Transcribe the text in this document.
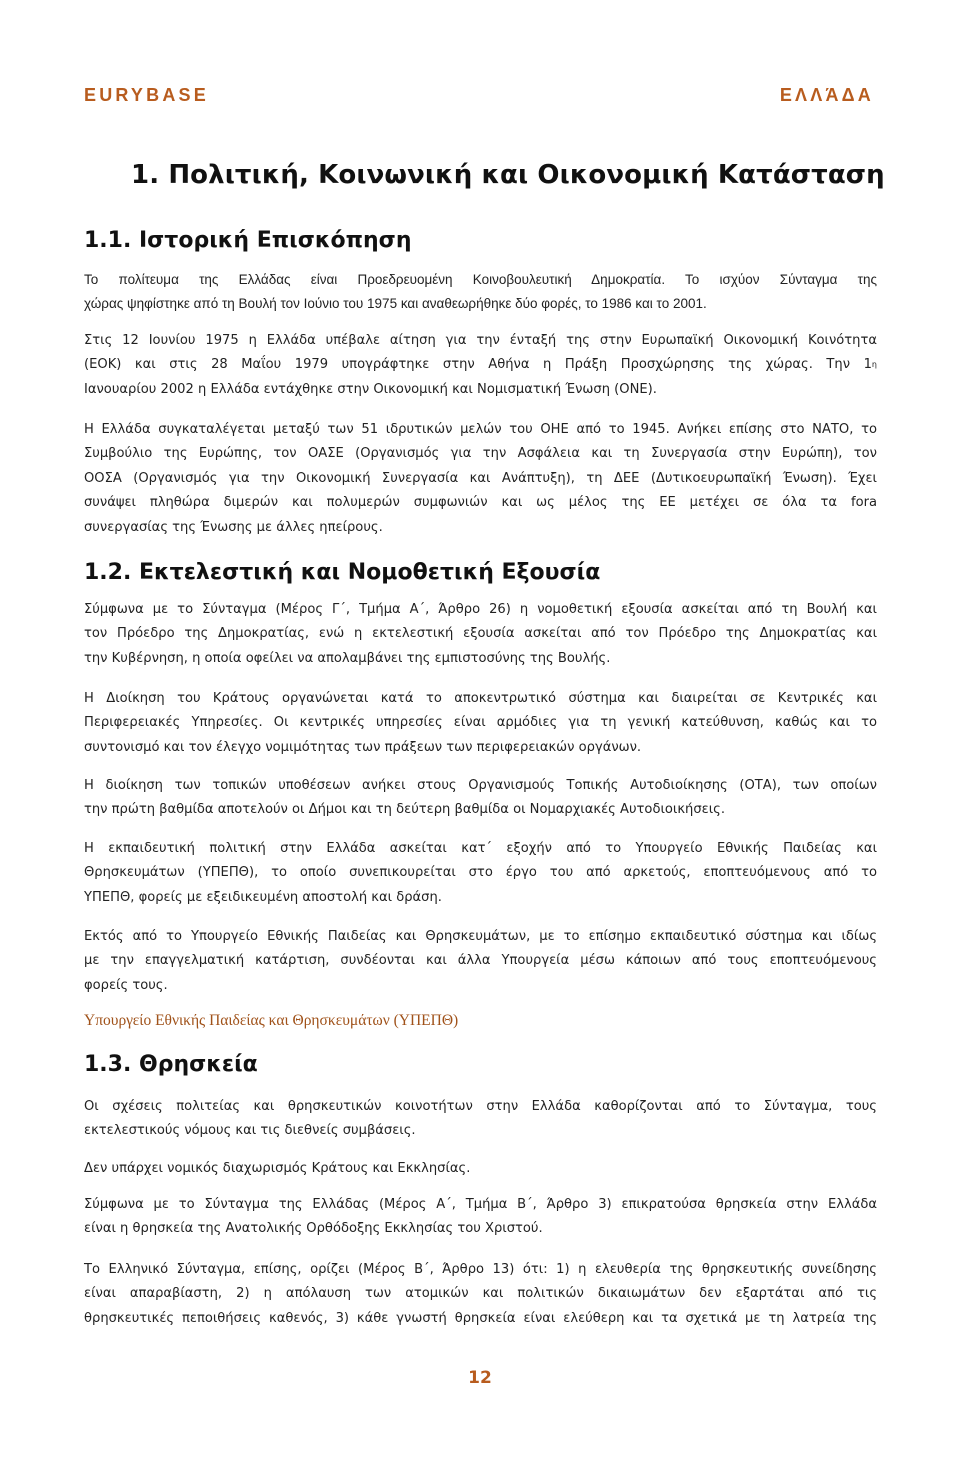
EURYBASE	ΕΛΛΆΔΑ
1. Πολιτική, Κοινωνική και Οικονομική Κατάσταση
1.1. Ιστορική Επισκόπηση

Το πολίτευμα της Ελλάδας είναι Προεδρευομένη Κοινοβουλευτική Δημοκρατία. Το ισχύον Σύνταγμα της
χώρας ψηφίστηκε από τη Βουλή τον Ιούνιο του 1975 και αναθεωρήθηκε δύο φορές, το 1986 και το 2001.

Στις 12 Ιουνίου 1975 η Ελλάδα υπέβαλε αίτηση για την ένταξή της στην Ευρωπαϊκή Οικονομική Κοινότητα
(ΕΟΚ) και στις 28 Μαΐου 1979 υπογράφτηκε στην Αθήνα η Πράξη Προσχώρησης της χώρας. Την $1^\eta$
Ιανουαρίου 2002 η Ελλάδα εντάχθηκε στην Οικονομική και Νομισματική Ένωση (ΟΝΕ).

Η Ελλάδα συγκαταλέγεται μεταξύ των 51 ιδρυτικών μελών του ΟΗΕ από το 1945. Ανήκει επίσης στο ΝΑΤΟ, το
Συμβούλιο της Ευρώπης, τον ΟΑΣΕ (Οργανισμός για την Ασφάλεια και τη Συνεργασία στην Ευρώπη), τον
ΟΟΣΑ (Οργανισμός για την Οικονομική Συνεργασία και Ανάπτυξη), τη ΔΕΕ (Δυτικοευρωπαϊκή Ένωση). Έχει
συνάψει πληθώρα διμερών και πολυμερών συμφωνιών και ως μέλος της ΕΕ μετέχει σε όλα τα fora
συνεργασίας της Ένωσης με άλλες ηπείρους.

1.2. Εκτελεστική και Νομοθετική Εξουσία

Σύμφωνα με το Σύνταγμα (Μέρος Γ΄, Τμήμα Α΄, Άρθρο 26) η νομοθετική εξουσία ασκείται από τη Βουλή και
τον Πρόεδρο της Δημοκρατίας, ενώ η εκτελεστική εξουσία ασκείται από τον Πρόεδρο της Δημοκρατίας και
την Κυβέρνηση, η οποία οφείλει να απολαμβάνει της εμπιστοσύνης της Βουλής.

Η Διοίκηση του Κράτους οργανώνεται κατά το αποκεντρωτικό σύστημα και διαιρείται σε Κεντρικές και
Περιφερειακές Υπηρεσίες. Οι κεντρικές υπηρεσίες είναι αρμόδιες για τη γενική κατεύθυνση, καθώς και το
συντονισμό και τον έλεγχο νομιμότητας των πράξεων των περιφερειακών οργάνων.

Η διοίκηση των τοπικών υποθέσεων ανήκει στους Οργανισμούς Τοπικής Αυτοδιοίκησης (ΟΤΑ), των οποίων
την πρώτη βαθμίδα αποτελούν οι Δήμοι και τη δεύτερη βαθμίδα οι Νομαρχιακές Αυτοδιοικήσεις.

Η εκπαιδευτική πολιτική στην Ελλάδα ασκείται κατ΄ εξοχήν από το Υπουργείο Εθνικής Παιδείας και
Θρησκευμάτων (ΥΠΕΠΘ), το οποίο συνεπικουρείται στο έργο του από αρκετούς, εποπτευόμενους από το
ΥΠΕΠΘ, φορείς με εξειδικευμένη αποστολή και δράση.

Εκτός από το Υπουργείο Εθνικής Παιδείας και Θρησκευμάτων, με το επίσημο εκπαιδευτικό σύστημα και ιδίως
με την επαγγελματική κατάρτιση, συνδέονται και άλλα Υπουργεία μέσω κάποιων από τους εποπτευόμενους
φορείς τους.

Υπουργείο Εθνικής Παιδείας και Θρησκευμάτων (ΥΠΕΠΘ)

1.3. Θρησκεία

Οι σχέσεις πολιτείας και θρησκευτικών κοινοτήτων στην Ελλάδα καθορίζονται από το Σύνταγμα, τους
εκτελεστικούς νόμους και τις διεθνείς συμβάσεις.

Δεν υπάρχει νομικός διαχωρισμός Κράτους και Εκκλησίας.

Σύμφωνα με το Σύνταγμα της Ελλάδας (Μέρος Α΄, Τμήμα Β΄, Άρθρο 3) επικρατούσα θρησκεία στην Ελλάδα
είναι η θρησκεία της Ανατολικής Ορθόδοξης Εκκλησίας του Χριστού.

Το Ελληνικό Σύνταγμα, επίσης, ορίζει (Μέρος Β΄, Άρθρο 13) ότι: 1) η ελευθερία της θρησκευτικής συνείδησης
είναι απαραβίαστη, 2) η απόλαυση των ατομικών και πολιτικών δικαιωμάτων δεν εξαρτάται από τις
θρησκευτικές πεποιθήσεις καθενός, 3) κάθε γνωστή θρησκεία είναι ελεύθερη και τα σχετικά με τη λατρεία της

12
